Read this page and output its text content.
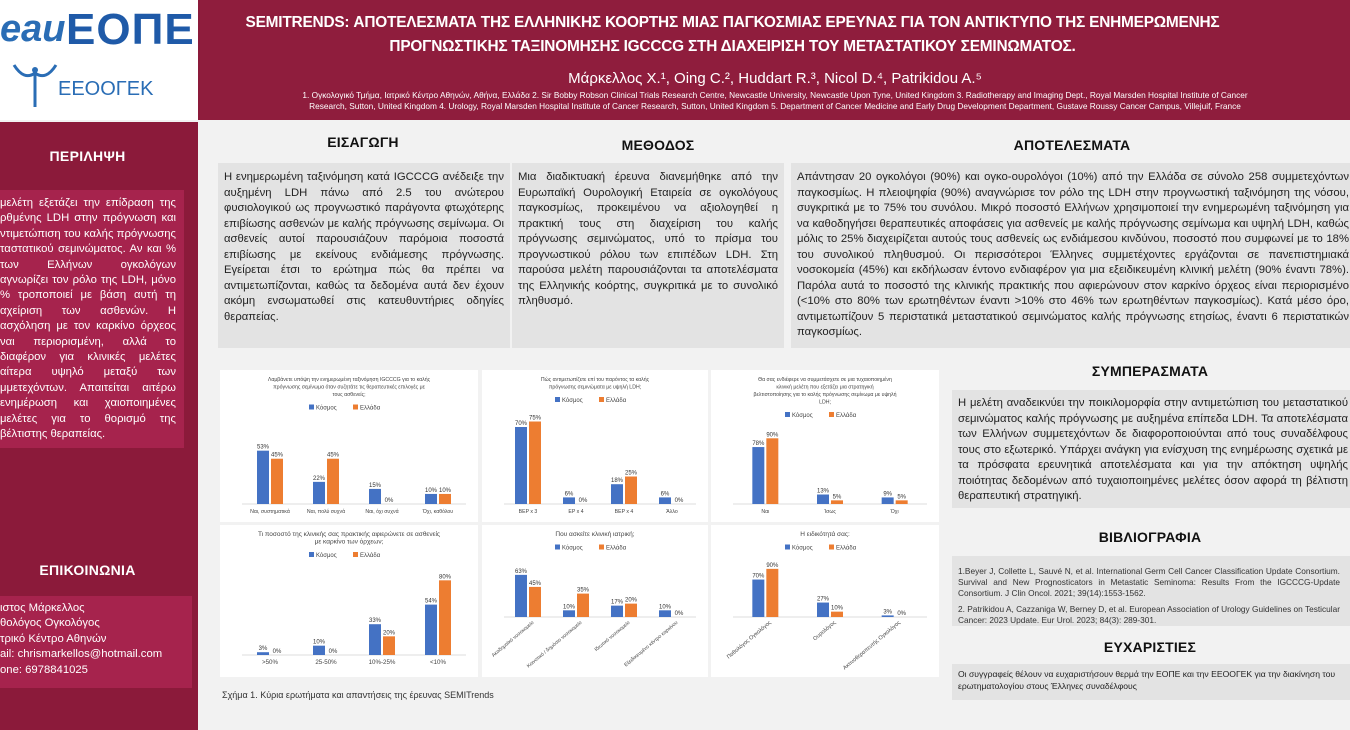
eau ΕΟΠΕ
ΕΕΟΟΓΕΚ
SEMITRENDS: ΑΠΟΤΕΛΕΣΜΑΤΑ ΤΗΣ ΕΛΛΗΝΙΚΗΣ ΚΟΟΡΤΗΣ ΜΙΑΣ ΠΑΓΚΟΣΜΙΑΣ ΕΡΕΥΝΑΣ ΓΙΑ ΤΟΝ ΑΝΤΙΚΤΥΠΟ ΤΗΣ ΕΝΗΜΕΡΩΜΕΝΗΣ
ΠΡΟΓΝΩΣΤΙΚΗΣ ΤΑΞΙΝΟΜΗΣΗΣ IGCCCG ΣΤΗ ΔΙΑΧΕΙΡΙΣΗ ΤΟΥ ΜΕΤΑΣΤΑΤΙΚΟΥ ΣΕΜΙΝΩΜΑΤΟΣ.
Μάρκελλος Χ.¹, Oing C.², Huddart R.³, Nicol D.⁴, Patrikidou A.⁵
1. Ογκολογικό Τμήμα, Ιατρικό Κέντρο Αθηνών, Αθήνα, Ελλάδα 2. Sir Bobby Robson Clinical Trials Research Centre, Newcastle University, Newcastle Upon Tyne, United Kingdom 3. Radiotherapy and Imaging Dept., Royal Marsden Hospital Institute of Cancer
Research, Sutton, United Kingdom 4. Urology, Royal Marsden Hospital Institute of Cancer Research, Sutton, United Kingdom 5. Department of Cancer Medicine and Early Drug Development Department, Gustave Roussy Cancer Campus, Villejuif, France
ΠΕΡΙΛΗΨΗ
μελέτη εξετάζει την επίδραση της ρθμένης LDH στην πρόγνωση και ντιμετώπιση του καλής πρόγνωσης ταστατικού σεμινώματος. Αν και % των Ελλήνων ογκολόγων αγνωρίζει τον ρόλο της LDH, μόνο % τροποποιεί με βάση αυτή τη αχείριση των ασθενών. Η ασχόληση με τον καρκίνο όρχεος ναι περιορισμένη, αλλά το διαφέρον για κλινικές μελέτες αίτερα υψηλό μεταξύ των μμετεχόντων. Απαιτείται αιτέρω ενημέρωση και χαιοποιημένες μελέτες για το θορισμό της βέλτιστης θεραπείας.
ΕΠΙΚΟΙΝΩΝΙΑ
ιστος Μάρκελλος
θολόγος Ογκολόγος
τρικό Κέντρο Αθηνών
ail: chrismarkellos@hotmail.com
one: 6978841025
ΕΙΣΑΓΩΓΗ	ΜΕΘΟΔΟΣ	ΑΠΟΤΕΛΕΣΜΑΤΑ
Η ενημερωμένη ταξινόμηση κατά IGCCCG ανέδειξε την αυξημένη LDH πάνω από 2.5 του ανώτερου φυσιολογικού ως προγνωστικό παράγοντα φτωχότερης επιβίωσης ασθενών με καλής πρόγνωσης σεμίνωμα. Οι ασθενείς αυτοί παρουσιάζουν παρόμοια ποσοστά επιβίωσης με εκείνους ενδιάμεσης πρόγνωσης. Εγείρεται έτσι το ερώτημα πώς θα πρέπει να αντιμετωπίζονται, καθώς τα δεδομένα αυτά δεν έχουν ακόμη ενσωματωθεί στις κατευθυντήριες οδηγίες θεραπείας.
Μια διαδικτυακή έρευνα διανεμήθηκε από την Ευρωπαϊκή Ουρολογική Εταιρεία σε ογκολόγους παγκοσμίως, προκειμένου να αξιολογηθεί η πρακτική τους στη διαχείριση του καλής πρόγνωσης σεμινώματος, υπό το πρίσμα του προγνωστικού ρόλου των επιπέδων LDH. Στη παρούσα μελέτη παρουσιάζονται τα αποτελέσματα της Ελληνικής κοόρτης, συγκριτικά με το συνολικό πληθυσμό.
Απάντησαν 20 ογκολόγοι (90%) και ογκο-ουρολόγοι (10%) από την Ελλάδα σε σύνολο 258 συμμετεχόντων παγκοσμίως. Η πλειοψηφία (90%) αναγνώρισε τον ρόλο της LDH στην προγνωστική ταξινόμηση της νόσου, συγκριτικά με το 75% του συνόλου. Μικρό ποσοστό Ελλήνων χρησιμοποιεί την ενημερωμένη ταξινόμηση για να καθοδηγήσει θεραπευτικές αποφάσεις για ασθενείς με καλής πρόγνωσης σεμίνωμα και υψηλή LDH, καθώς μόλις το 25% διαχειρίζεται αυτούς τους ασθενείς ως ενδιάμεσου κινδύνου, ποσοστό που συμφωνεί με το 18% του συνολικού πληθυσμού. Οι περισσότεροι Έλληνες συμμετέχοντες εργάζονται σε πανεπιστημιακά νοσοκομεία (45%) και εκδήλωσαν έντονο ενδιαφέρον για μια εξειδικευμένη κλινική μελέτη (90% έναντι 78%). Παρόλα αυτά το ποσοστό της κλινικής πρακτικής που αφιερώνουν στον καρκίνο όρχεος είναι περιορισμένο (<10% στο 80% των ερωτηθέντων έναντι >10% στο 46% των ερωτηθέντων παγκοσμίως). Κατά μέσο όρο, αντιμετωπίζουν 5 περιστατικά μεταστατικού σεμινώματος καλής πρόγνωσης ετησίως, έναντι 6 περιστατικών παγκοσμίως.
Λαμβάνετε υπόψη την ενημερωμένη ταξινόμηση IGCCCG για το καλής
πρόγνωσης σεμίνωμα όταν συζητάτε τις θεραπευτικές επιλογές με
τους ασθενείς;
Κόσμος	Ελλάδα
53%
45%
Ναι, συστηματικά
22%
45%
Ναι, πολύ συχνά
15%
0%
Ναι, όχι συχνά
10% 10%
Όχι, καθόλου
Πώς αντιμετωπίζετε επί του παρόντος τα καλής
πρόγνωσης σεμινώματα με υψηλή LDH;
Κόσμος	Ελλάδα
70%
75%
BEP x 3
6%
0%
EP x 4
18%
25%
BEP x 4
6%
0%
Άλλο
Θα σας ενδιέφερε να συμμετάσχετε σε μια τυχαιοποιημένη
κλινική μελέτη που εξετάζει μια στρατηγική
βελτιστοποίησης για το καλής πρόγνωσης σεμίνωμα με υψηλή
LDH;
Κόσμος	Ελλάδα
78%
90%
Ναι
13%
5%
Ίσως
9% 5%
Όχι
Τι ποσοστό της κλινικής σας πρακτικής αφιερώνετε σε ασθενείς
με καρκίνο των όρχεων;
Κόσμος	Ελλάδα
3% 0%
>50%
10%
0%
25-50%
33%
20%
10%-25%
54%
80%
<10%
Που ασκείτε κλινική ιατρική;
Κόσμος	Ελλάδα
63%
45%
Ακαδημαϊκό νοσοκομείο
10%
35%
Κοινοτικό / δημόσιο νοσοκομείο
17% 20%
Ιδιωτικό νοσοκομείο
10%
0%
Εξειδικευμένο κέντρο καρκίνου
Η ειδικότητά σας:
Κόσμος	Ελλάδα
70%
90%
Παθολόγος Ογκολόγος
27%
10%
Ουρολόγος
3% 0%
Ακτινοθεραπευτής Ογκολόγος
Σχήμα 1. Κύρια ερωτήματα και απαντήσεις της έρευνας SEMITrends
ΣΥΜΠΕΡΑΣΜΑΤΑ
Η μελέτη αναδεικνύει την ποικιλομορφία στην αντιμετώπιση του μεταστατικού σεμινώματος καλής πρόγνωσης με αυξημένα επίπεδα LDH. Τα αποτελέσματα των Ελλήνων συμμετεχόντων δε διαφοροποιούνται από τους συναδέλφους τους στο εξωτερικό. Υπάρχει ανάγκη για ενίσχυση της ενημέρωσης σχετικά με τα πρόσφατα ερευνητικά αποτελέσματα και για την απόκτηση υψηλής ποιότητας δεδομένων από τυχαιοποιημένες μελέτες όσον αφορά τη βέλτιστη θεραπευτική στρατηγική.
ΒΙΒΛΙΟΓΡΑΦΙΑ
1.Beyer J, Collette L, Sauvé N, et al. International Germ Cell Cancer Classification Update Consortium. Survival and New Prognosticators in Metastatic Seminoma: Results From the IGCCCG-Update Consortium. J Clin Oncol. 2021; 39(14):1553-1562.
2. Patrikidou A, Cazzaniga W, Berney D, et al. European Association of Urology Guidelines on Testicular Cancer: 2023 Update. Eur Urol. 2023; 84(3): 289-301.
ΕΥΧΑΡΙΣΤΙΕΣ
Οι συγγραφείς θέλουν να ευχαριστήσουν θερμά την ΕΟΠΕ και την ΕΕΟΟΓΕΚ για την διακίνηση του ερωτηματολογίου στους Έλληνες συναδέλφους
